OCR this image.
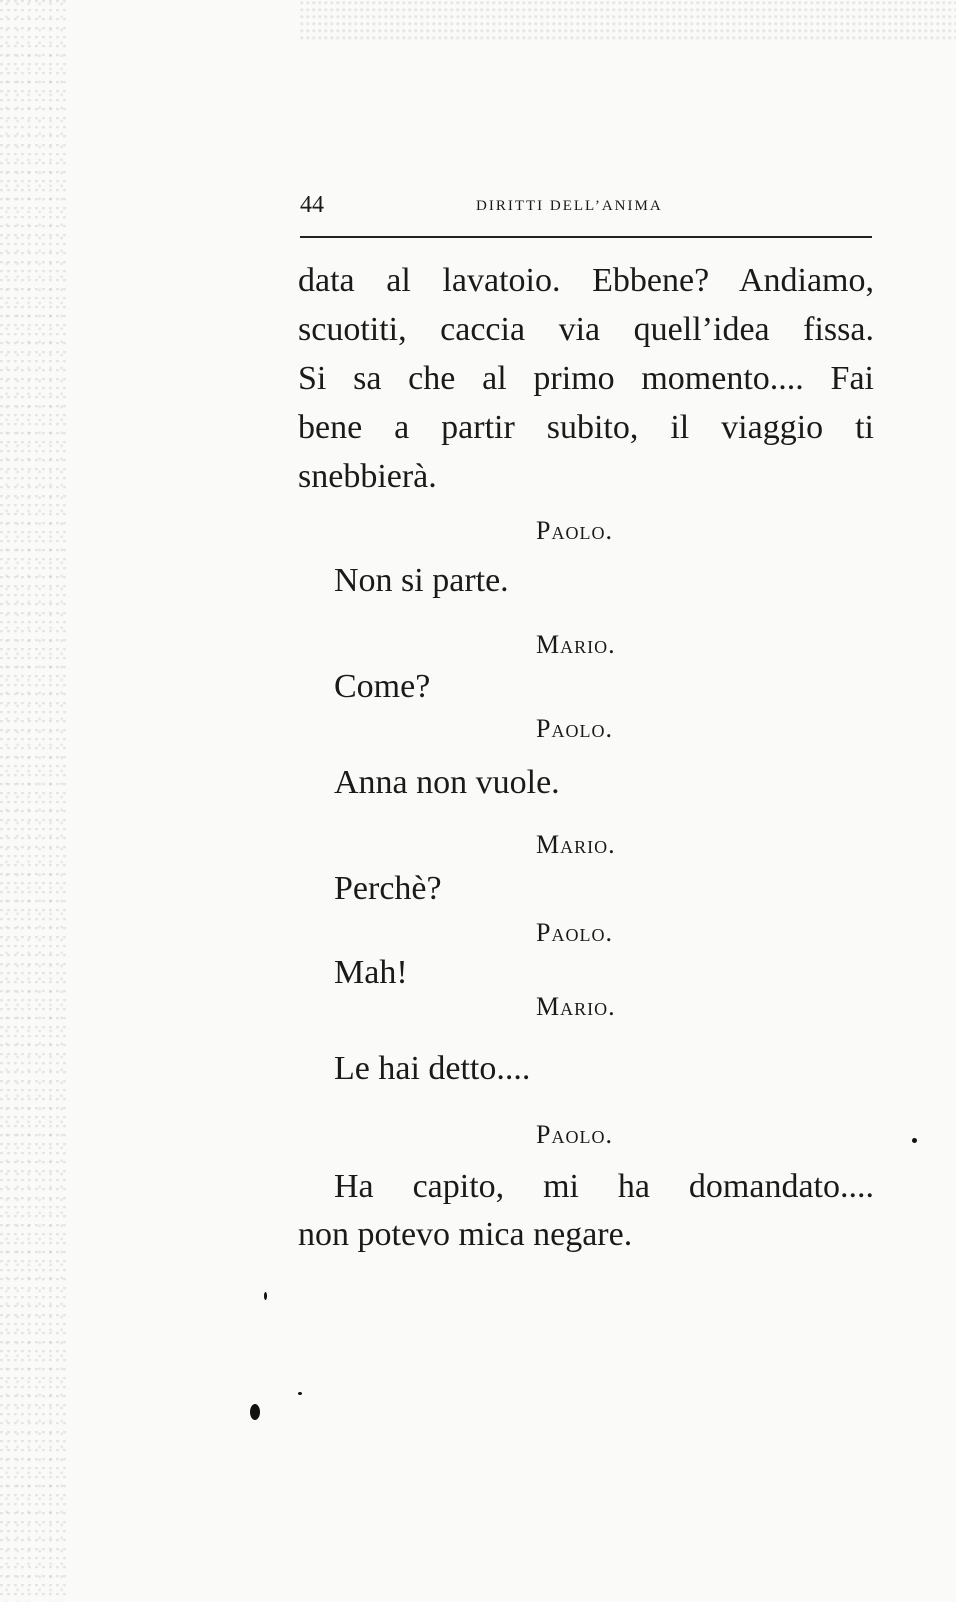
44	DIRITTI DELL’ANIMA

data al lavatoio. Ebbene? Andiamo,
scuotiti, caccia via quell’idea fissa.
Si sa che al primo momento.... Fai
bene a partir subito, il viaggio ti
snebbierà.

Paolo.

Non si parte.

Mario.

Come?

Paolo.

Anna non vuole.

Mario.

Perchè?

Paolo.

Mah!

Mario.

Le hai detto....

Paolo.

Ha capito, mi ha domandato....
non potevo mica negare.
